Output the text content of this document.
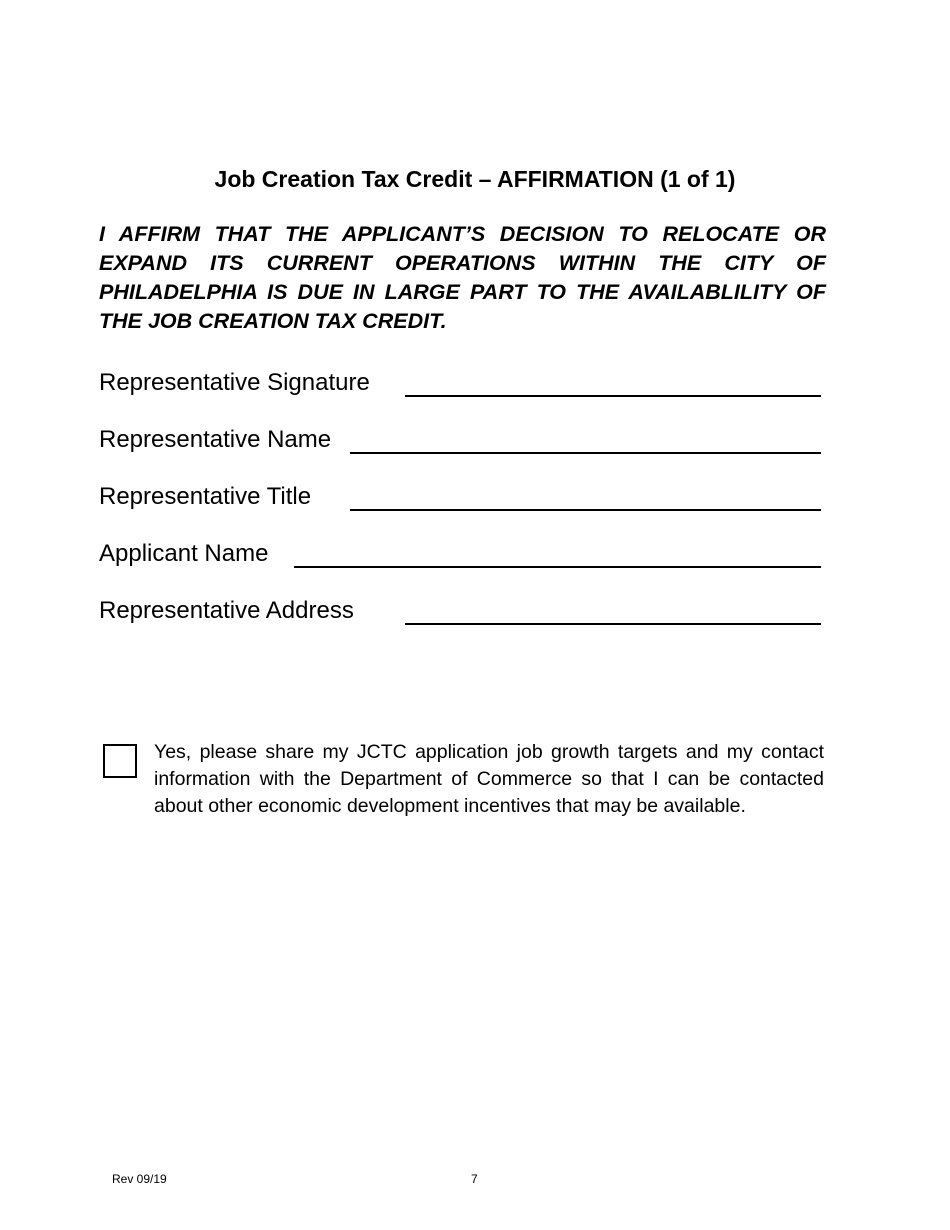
Job Creation Tax Credit – AFFIRMATION (1 of 1)
I AFFIRM THAT THE APPLICANT’S DECISION TO RELOCATE OR EXPAND ITS CURRENT OPERATIONS WITHIN THE CITY OF PHILADELPHIA IS DUE IN LARGE PART TO THE AVAILABLILITY OF THE JOB CREATION TAX CREDIT.
Representative Signature
Representative Name
Representative Title
Applicant Name
Representative Address
Yes, please share my JCTC application job growth targets and my contact information with the Department of Commerce so that I can be contacted about other economic development incentives that may be available.
Rev 09/19	7
